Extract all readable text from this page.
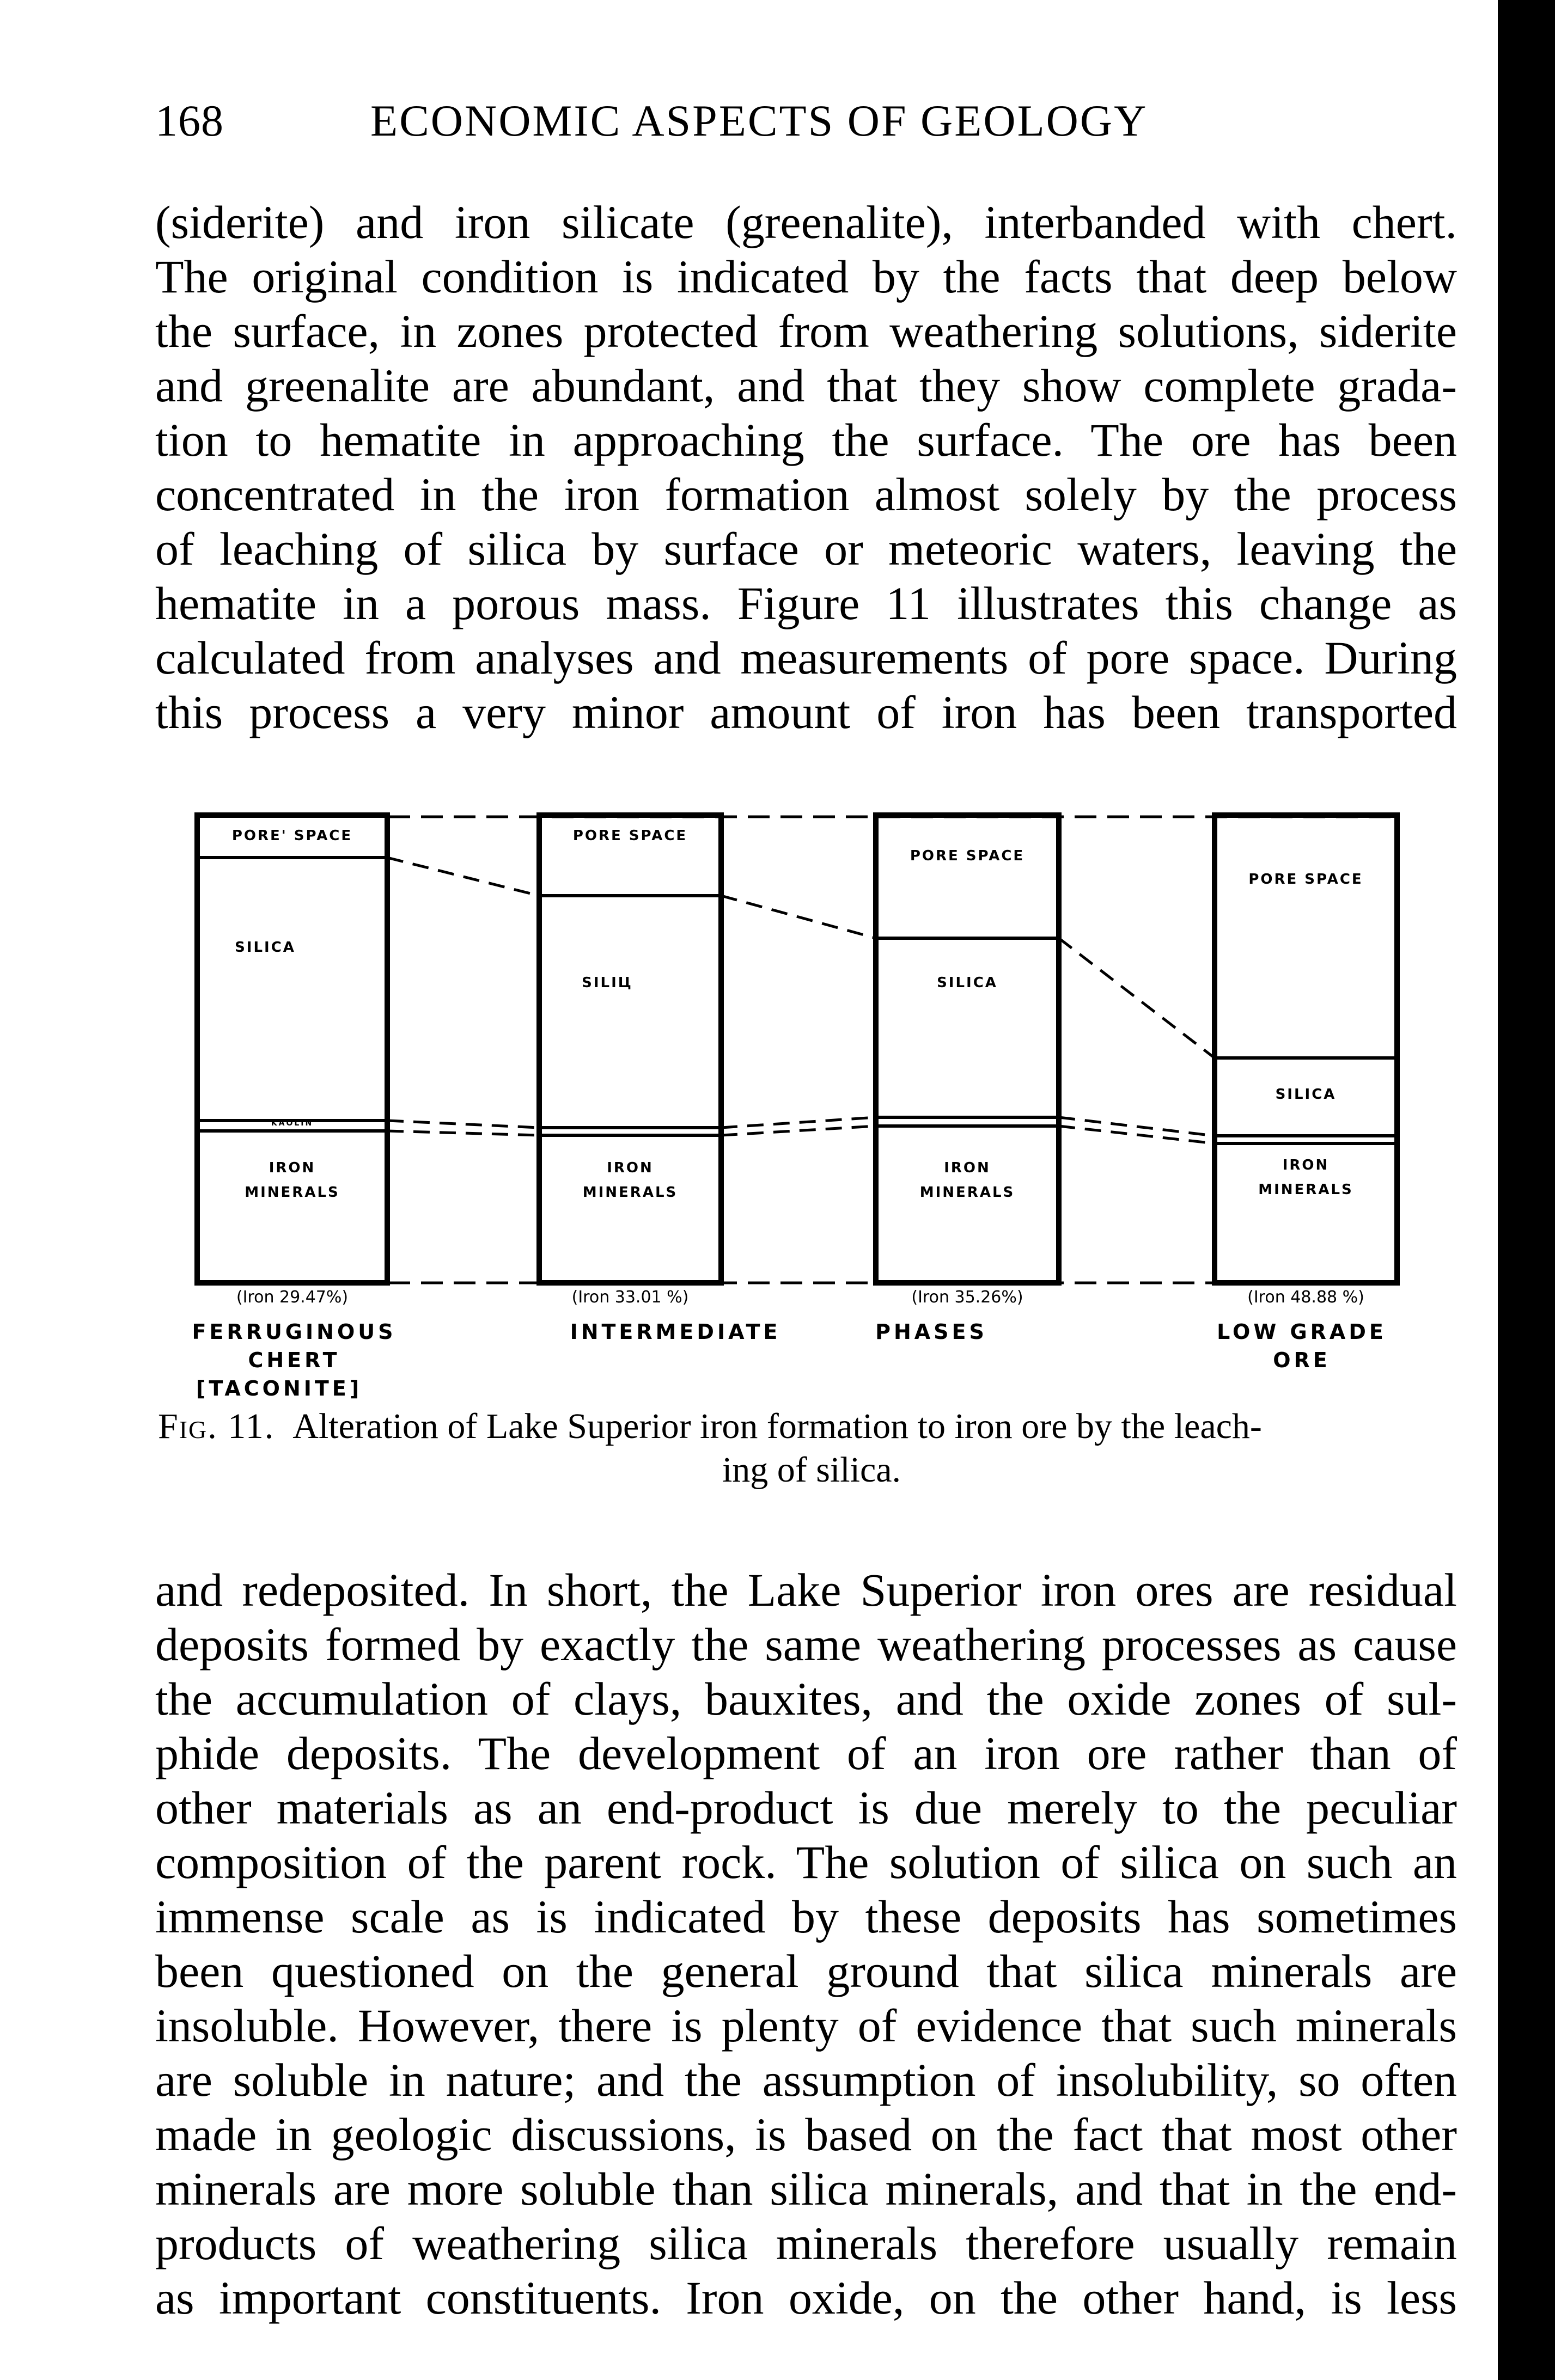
168	ECONOMIC ASPECTS OF GEOLOGY
(siderite) and iron silicate (greenalite), interbanded with chert.
The original condition is indicated by the facts that deep below
the surface, in zones protected from weathering solutions, siderite
and greenalite are abundant, and that they show complete grada-
tion to hematite in approaching the surface. The ore has been
concentrated in the iron formation almost solely by the process
of leaching of silica by surface or meteoric waters, leaving the
hematite in a porous mass. Figure 11 illustrates this change as
calculated from analyses and measurements of pore space. During
this process a very minor amount of iron has been transported
PORE' SPACE
SILICA
KAOLIN
IRON
MINERALS
PORE SPACE
SILIЦ
IRON
MINERALS
PORE SPACE
SILICA
IRON
MINERALS
PORE SPACE
SILICA
IRON
MINERALS
(Iron 29.47%)	(Iron 33.01 %)	(Iron 35.26%)	(Iron 48.88 %)
FERRUGINOUS
CHERT
[TACONITE]
INTERMEDIATE	PHASES	LOW GRADE
ORE
Fig. 11. Alteration of Lake Superior iron formation to iron ore by the leach-
ing of silica.
and redeposited. In short, the Lake Superior iron ores are residual
deposits formed by exactly the same weathering processes as cause
the accumulation of clays, bauxites, and the oxide zones of sul-
phide deposits. The development of an iron ore rather than of
other materials as an end-product is due merely to the peculiar
composition of the parent rock. The solution of silica on such an
immense scale as is indicated by these deposits has sometimes
been questioned on the general ground that silica minerals are
insoluble. However, there is plenty of evidence that such minerals
are soluble in nature; and the assumption of insolubility, so often
made in geologic discussions, is based on the fact that most other
minerals are more soluble than silica minerals, and that in the end-
products of weathering silica minerals therefore usually remain
as important constituents. Iron oxide, on the other hand, is less
